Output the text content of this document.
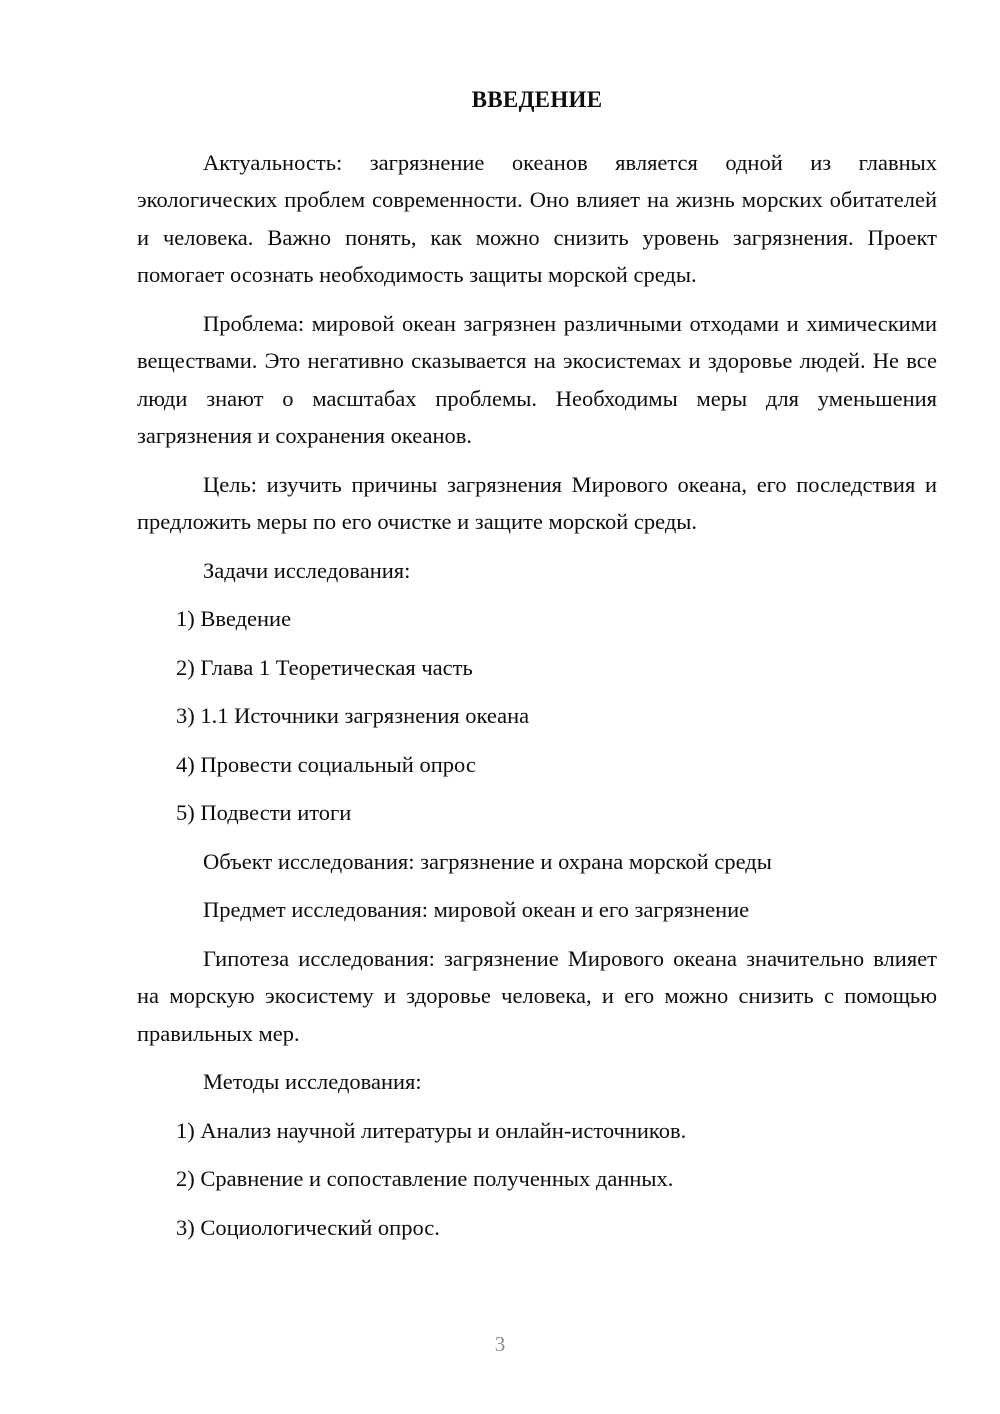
ВВЕДЕНИЕ

Актуальность: загрязнение океанов является одной из главных экологических проблем современности. Оно влияет на жизнь морских обитателей и человека. Важно понять, как можно снизить уровень загрязнения. Проект помогает осознать необходимость защиты морской среды.

Проблема: мировой океан загрязнен различными отходами и химическими веществами. Это негативно сказывается на экосистемах и здоровье людей. Не все люди знают о масштабах проблемы. Необходимы меры для уменьшения загрязнения и сохранения океанов.

Цель: изучить причины загрязнения Мирового океана, его последствия и предложить меры по его очистке и защите морской среды.

Задачи исследования:

1) Введение
2) Глава 1 Теоретическая часть
3) 1.1 Источники загрязнения океана
4) Провести социальный опрос
5) Подвести итоги

Объект исследования: загрязнение и охрана морской среды

Предмет исследования: мировой океан и его загрязнение

Гипотеза исследования: загрязнение Мирового океана значительно влияет на морскую экосистему и здоровье человека, и его можно снизить с помощью правильных мер.

Методы исследования:

1) Анализ научной литературы и онлайн-источников.
2) Сравнение и сопоставление полученных данных.
3) Социологический опрос.
3
